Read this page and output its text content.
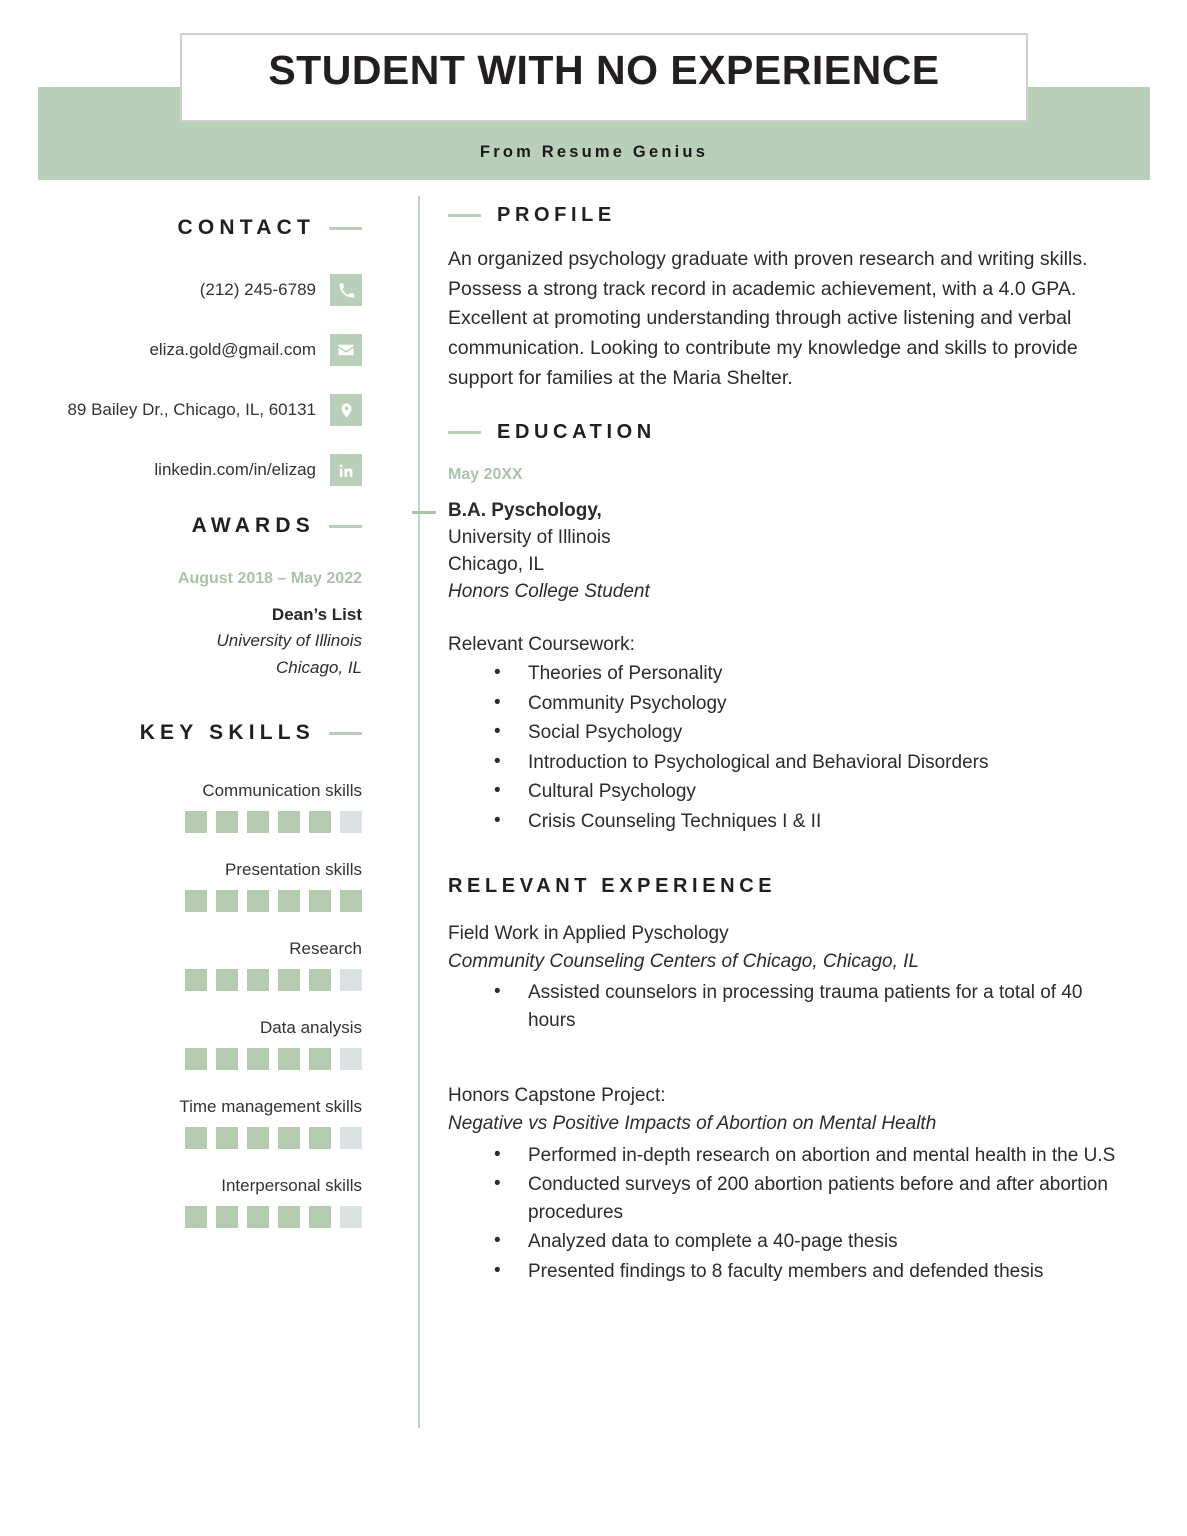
STUDENT WITH NO EXPERIENCE
From Resume Genius
CONTACT
(212) 245-6789
eliza.gold@gmail.com
89 Bailey Dr., Chicago, IL, 60131
linkedin.com/in/elizag
AWARDS
August 2018 – May 2022
Dean’s List
University of Illinois
Chicago, IL
KEY SKILLS
Communication skills
Presentation skills
Research
Data analysis
Time management skills
Interpersonal skills
PROFILE
An organized psychology graduate with proven research and writing skills. Possess a strong track record in academic achievement, with a 4.0 GPA. Excellent at promoting understanding through active listening and verbal communication. Looking to contribute my knowledge and skills to provide support for families at the Maria Shelter.
EDUCATION
May 20XX
B.A. Pyschology,
University of Illinois
Chicago, IL
Honors College Student
Relevant Coursework:
• Theories of Personality
• Community Psychology
• Social Psychology
• Introduction to Psychological and Behavioral Disorders
• Cultural Psychology
• Crisis Counseling Techniques I & II
RELEVANT EXPERIENCE
Field Work in Applied Pyschology
Community Counseling Centers of Chicago, Chicago, IL
• Assisted counselors in processing trauma patients for a total of 40 hours
Honors Capstone Project:
Negative vs Positive Impacts of Abortion on Mental Health
• Performed in-depth research on abortion and mental health in the U.S
• Conducted surveys of 200 abortion patients before and after abortion procedures
• Analyzed data to complete a 40-page thesis
• Presented findings to 8 faculty members and defended thesis
